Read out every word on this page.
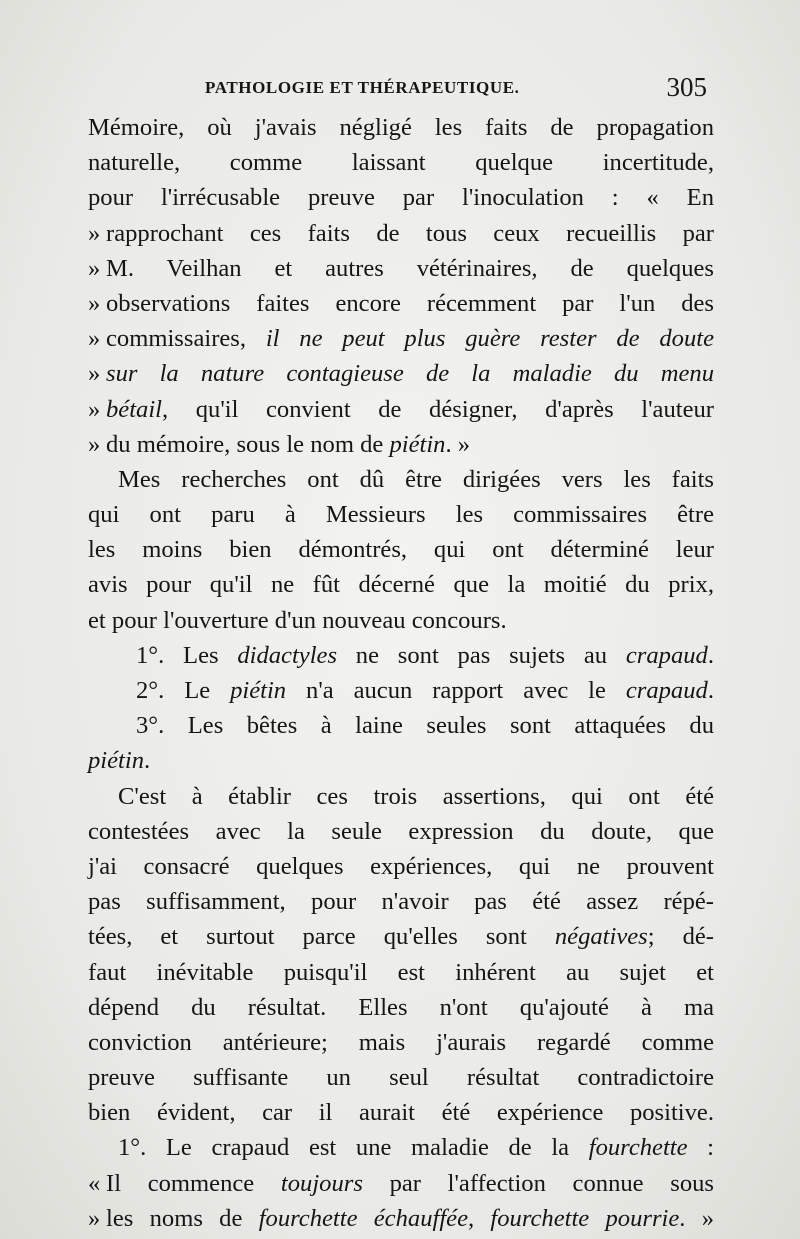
PATHOLOGIE ET THÉRAPEUTIQUE.	305
Mémoire, où j'avais négligé les faits de propagation
naturelle, comme laissant quelque incertitude,
pour l'irrécusable preuve par l'inoculation : « En
» rapprochant ces faits de tous ceux recueillis par
» M. Veilhan et autres vétérinaires, de quelques
» observations faites encore récemment par l'un des
» commissaires, il ne peut plus guère rester de doute
» sur la nature contagieuse de la maladie du menu
» bétail, qu'il convient de désigner, d'après l'auteur
» du mémoire, sous le nom de piétin. »
Mes recherches ont dû être dirigées vers les faits
qui ont paru à Messieurs les commissaires être
les moins bien démontrés, qui ont déterminé leur
avis pour qu'il ne fût décerné que la moitié du prix,
et pour l'ouverture d'un nouveau concours.
1°. Les didactyles ne sont pas sujets au crapaud.
2°. Le piétin n'a aucun rapport avec le crapaud.
3°. Les bêtes à laine seules sont attaquées du
piétin.
C'est à établir ces trois assertions, qui ont été
contestées avec la seule expression du doute, que
j'ai consacré quelques expériences, qui ne prouvent
pas suffisamment, pour n'avoir pas été assez répé-
tées, et surtout parce qu'elles sont négatives; dé-
faut inévitable puisqu'il est inhérent au sujet et
dépend du résultat. Elles n'ont qu'ajouté à ma
conviction antérieure; mais j'aurais regardé comme
preuve suffisante un seul résultat contradictoire
bien évident, car il aurait été expérience positive.
1°. Le crapaud est une maladie de la fourchette :
« Il commence toujours par l'affection connue sous
» les noms de fourchette échauffée, fourchette pourrie. »
